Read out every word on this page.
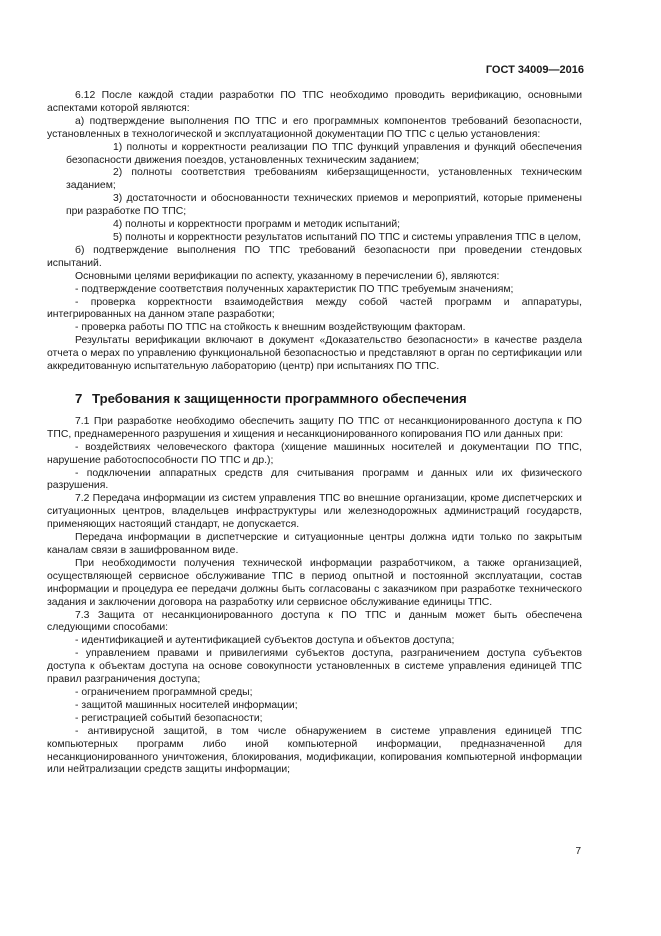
ГОСТ 34009—2016

6.12 После каждой стадии разработки ПО ТПС необходимо проводить верификацию, основными аспектами которой являются:

а) подтверждение выполнения ПО ТПС и его программных компонентов требований безопасности, установленных в технологической и эксплуатационной документации ПО ТПС с целью установления:

1) полноты и корректности реализации ПО ТПС функций управления и функций обеспечения безопасности движения поездов, установленных техническим заданием;

2) полноты соответствия требованиям киберзащищенности, установленных техническим заданием;

3) достаточности и обоснованности технических приемов и мероприятий, которые применены при разработке ПО ТПС;

4) полноты и корректности программ и методик испытаний;

5) полноты и корректности результатов испытаний ПО ТПС и системы управления ТПС в целом,

б) подтверждение выполнения ПО ТПС требований безопасности при проведении стендовых испытаний.

Основными целями верификации по аспекту, указанному в перечислении б), являются:

- подтверждение соответствия полученных характеристик ПО ТПС требуемым значениям;

- проверка корректности взаимодействия между собой частей программ и аппаратуры, интегрированных на данном этапе разработки;

- проверка работы ПО ТПС на стойкость к внешним воздействующим факторам.

Результаты верификации включают в документ «Доказательство безопасности» в качестве раздела отчета о мерах по управлению функциональной безопасностью и представляют в орган по сертификации или аккредитованную испытательную лабораторию (центр) при испытаниях ПО ТПС.

7 Требования к защищенности программного обеспечения

7.1 При разработке необходимо обеспечить защиту ПО ТПС от несанкционированного доступа к ПО ТПС, преднамеренного разрушения и хищения и несанкционированного копирования ПО или данных при:

- воздействиях человеческого фактора (хищение машинных носителей и документации ПО ТПС, нарушение работоспособности ПО ТПС и др.);

- подключении аппаратных средств для считывания программ и данных или их физического разрушения.

7.2 Передача информации из систем управления ТПС во внешние организации, кроме диспетчерских и ситуационных центров, владельцев инфраструктуры или железнодорожных администраций государств, применяющих настоящий стандарт, не допускается.

Передача информации в диспетчерские и ситуационные центры должна идти только по закрытым каналам связи в зашифрованном виде.

При необходимости получения технической информации разработчиком, а также организацией, осуществляющей сервисное обслуживание ТПС в период опытной и постоянной эксплуатации, состав информации и процедура ее передачи должны быть согласованы с заказчиком при разработке технического задания и заключении договора на разработку или сервисное обслуживание единицы ТПС.

7.3 Защита от несанкционированного доступа к ПО ТПС и данным может быть обеспечена следующими способами:

- идентификацией и аутентификацией субъектов доступа и объектов доступа;

- управлением правами и привилегиями субъектов доступа, разграничением доступа субъектов доступа к объектам доступа на основе совокупности установленных в системе управления единицей ТПС правил разграничения доступа;

- ограничением программной среды;

- защитой машинных носителей информации;

- регистрацией событий безопасности;

- антивирусной защитой, в том числе обнаружением в системе управления единицей ТПС компьютерных программ либо иной компьютерной информации, предназначенной для несанкционированного уничтожения, блокирования, модификации, копирования компьютерной информации или нейтрализации средств защиты информации;

7
